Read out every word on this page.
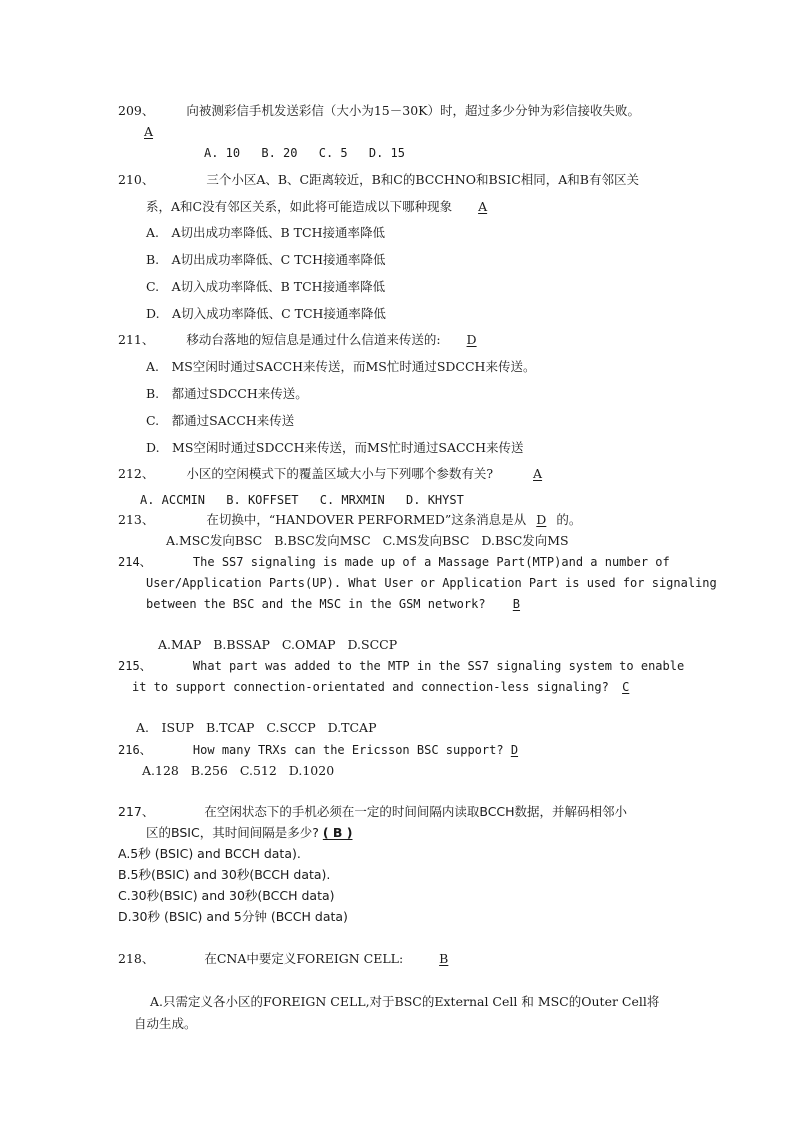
209、	向被测彩信手机发送彩信（大小为15－30K）时，超过多少分钟为彩信接收失败。
A
A. 10 B. 20 C. 5 D. 15
210、	三个小区A、B、C距离较近，B和C的BCCHNO和BSIC相同，A和B有邻区关
系，A和C没有邻区关系，如此将可能造成以下哪种现象 A
A.　A切出成功率降低、B TCH接通率降低
B.　A切出成功率降低、C TCH接通率降低
C.　A切入成功率降低、B TCH接通率降低
D.　A切入成功率降低、C TCH接通率降低
211、	移动台落地的短信息是通过什么信道来传送的: D
A.　MS空闲时通过SACCH来传送，而MS忙时通过SDCCH来传送。
B.　都通过SDCCH来传送。
C.　都通过SACCH来传送
D.　MS空闲时通过SDCCH来传送，而MS忙时通过SACCH来传送
212、	小区的空闲模式下的覆盖区域大小与下列哪个参数有关?	A
A. ACCMIN B. KOFFSET C. MRXMIN D. KHYST
213、	在切换中，“HANDOVER PERFORMED”这条消息是从 D 的。
A.MSC发向BSC B.BSC发向MSC C.MS发向BSC D.BSC发向MS
214、	The SS7 signaling is made up of a Massage Part(MTP)and a number of
User/Application Parts(UP). What User or Application Part is used for signaling
between the BSC and the MSC in the GSM network? B
A.MAP B.BSSAP C.OMAP D.SCCP
215、	What part was added to the MTP in the SS7 signaling system to enable
it to support connection-orientated and connection-less signaling? C
A.　ISUP B.TCAP C.SCCP D.TCAP
216、	How many TRXs can the Ericsson BSC support? D
A.128 B.256 C.512 D.1020
217、	在空闲状态下的手机必须在一定的时间间隔内读取BCCH数据，并解码相邻小
区的BSIC，其时间间隔是多少? ( B )
A.5秒 (BSIC) and BCCH data).
B.5秒(BSIC) and 30秒(BCCH data).
C.30秒(BSIC) and 30秒(BCCH data)
D.30秒 (BSIC) and 5分钟 (BCCH data)
218、	在CNA中要定义FOREIGN CELL:	B
A.只需定义各小区的FOREIGN CELL,对于BSC的External Cell 和 MSC的Outer Cell将
自动生成。
